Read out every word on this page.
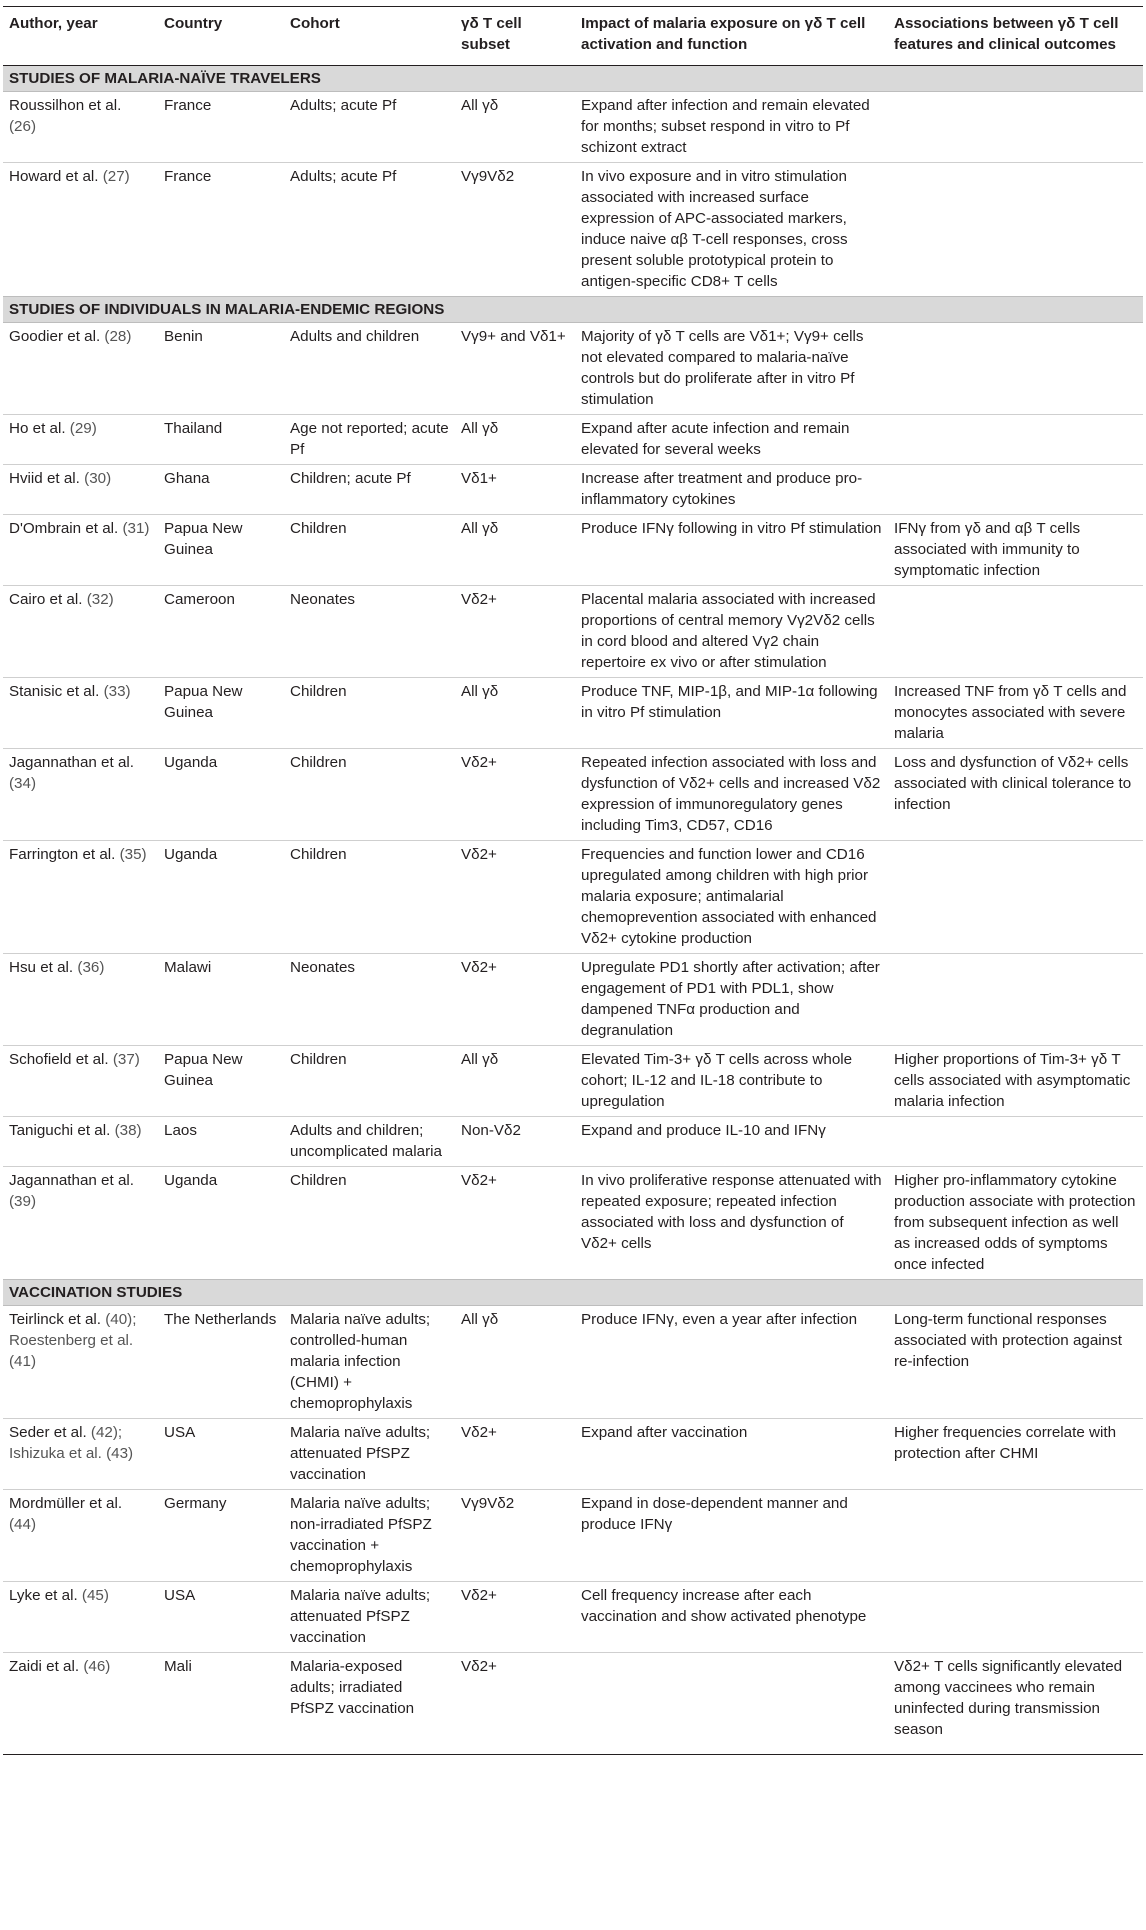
Author, year	Country	Cohort	γδ T cell subset	Impact of malaria exposure on γδ T cell activation and function	Associations between γδ T cell features and clinical outcomes
STUDIES OF MALARIA-NAÏVE TRAVELERS					
Roussilhon et al. (26)	France	Adults; acute Pf	All γδ	Expand after infection and remain elevated for months; subset respond in vitro to Pf schizont extract	
Howard et al. (27)	France	Adults; acute Pf	Vγ9Vδ2	In vivo exposure and in vitro stimulation associated with increased surface expression of APC-associated markers, induce naive αβ T-cell responses, cross present soluble prototypical protein to antigen-specific CD8+ T cells	
STUDIES OF INDIVIDUALS IN MALARIA-ENDEMIC REGIONS					
Goodier et al. (28)	Benin	Adults and children	Vγ9+ and Vδ1+	Majority of γδ T cells are Vδ1+; Vγ9+ cells not elevated compared to malaria-naïve controls but do proliferate after in vitro Pf stimulation	
Ho et al. (29)	Thailand	Age not reported; acute Pf	All γδ	Expand after acute infection and remain elevated for several weeks	
Hviid et al. (30)	Ghana	Children; acute Pf	Vδ1+	Increase after treatment and produce pro-inflammatory cytokines	
D'Ombrain et al. (31)	Papua New Guinea	Children	All γδ	Produce IFNγ following in vitro Pf stimulation	IFNγ from γδ and αβ T cells associated with immunity to symptomatic infection
Cairo et al. (32)	Cameroon	Neonates	Vδ2+	Placental malaria associated with increased proportions of central memory Vγ2Vδ2 cells in cord blood and altered Vγ2 chain repertoire ex vivo or after stimulation	
Stanisic et al. (33)	Papua New Guinea	Children	All γδ	Produce TNF, MIP-1β, and MIP-1α following in vitro Pf stimulation	Increased TNF from γδ T cells and monocytes associated with severe malaria
Jagannathan et al. (34)	Uganda	Children	Vδ2+	Repeated infection associated with loss and dysfunction of Vδ2+ cells and increased Vδ2 expression of immunoregulatory genes including Tim3, CD57, CD16	Loss and dysfunction of Vδ2+ cells associated with clinical tolerance to infection
Farrington et al. (35)	Uganda	Children	Vδ2+	Frequencies and function lower and CD16 upregulated among children with high prior malaria exposure; antimalarial chemoprevention associated with enhanced Vδ2+ cytokine production	
Hsu et al. (36)	Malawi	Neonates	Vδ2+	Upregulate PD1 shortly after activation; after engagement of PD1 with PDL1, show dampened TNFα production and degranulation	
Schofield et al. (37)	Papua New Guinea	Children	All γδ	Elevated Tim-3+ γδ T cells across whole cohort; IL-12 and IL-18 contribute to upregulation	Higher proportions of Tim-3+ γδ T cells associated with asymptomatic malaria infection
Taniguchi et al. (38)	Laos	Adults and children; uncomplicated malaria	Non-Vδ2	Expand and produce IL-10 and IFNγ	
Jagannathan et al. (39)	Uganda	Children	Vδ2+	In vivo proliferative response attenuated with repeated exposure; repeated infection associated with loss and dysfunction of Vδ2+ cells	Higher pro-inflammatory cytokine production associate with protection from subsequent infection as well as increased odds of symptoms once infected
VACCINATION STUDIES					
Teirlinck et al. (40); Roestenberg et al. (41)	The Netherlands	Malaria naïve adults; controlled-human malaria infection (CHMI) + chemoprophylaxis	All γδ	Produce IFNγ, even a year after infection	Long-term functional responses associated with protection against re-infection
Seder et al. (42); Ishizuka et al. (43)	USA	Malaria naïve adults; attenuated PfSPZ vaccination	Vδ2+	Expand after vaccination	Higher frequencies correlate with protection after CHMI
Mordmüller et al. (44)	Germany	Malaria naïve adults; non-irradiated PfSPZ vaccination + chemoprophylaxis	Vγ9Vδ2	Expand in dose-dependent manner and produce IFNγ	
Lyke et al. (45)	USA	Malaria naïve adults; attenuated PfSPZ vaccination	Vδ2+	Cell frequency increase after each vaccination and show activated phenotype	
Zaidi et al. (46)	Mali	Malaria-exposed adults; irradiated PfSPZ vaccination	Vδ2+		Vδ2+ T cells significantly elevated among vaccinees who remain uninfected during transmission season
